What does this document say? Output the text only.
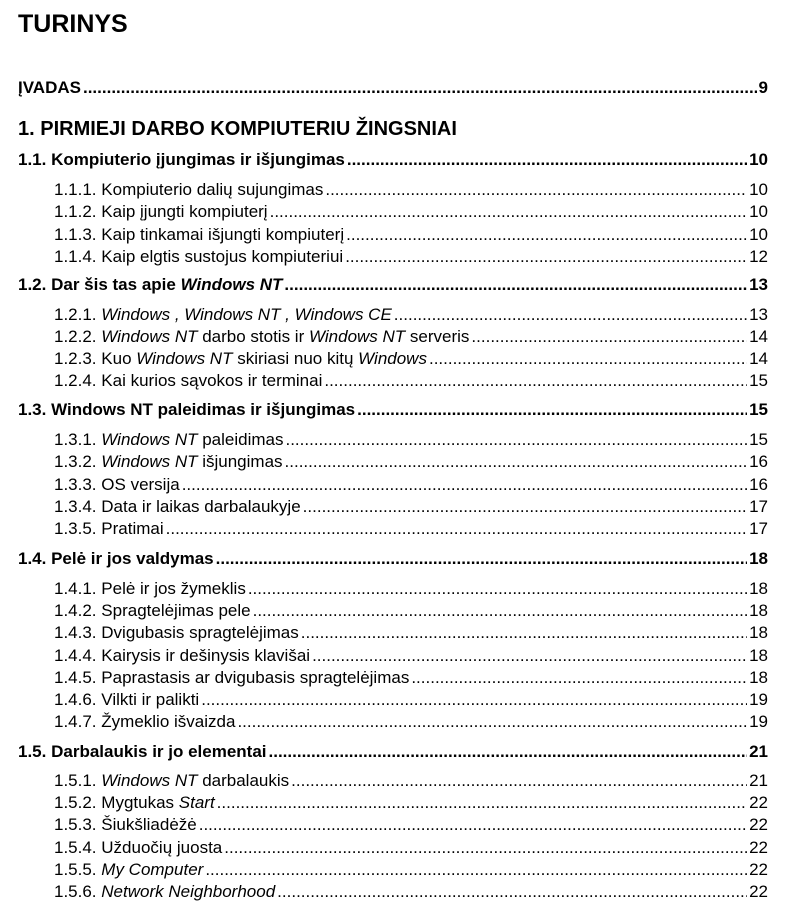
TURINYS
ĮVADAS .....	9
1. PIRMIEJI DARBO KOMPIUTERIU ŽINGSNIAI
1.1. Kompiuterio įjungimas ir išjungimas .....	10
1.1.1. Kompiuterio dalių sujungimas .....	10
1.1.2. Kaip įjungti kompiuterį .....	10
1.1.3. Kaip tinkamai išjungti kompiuterį .....	10
1.1.4. Kaip elgtis sustojus kompiuteriui .....	12
1.2. Dar šis tas apie Windows NT .....	13
1.2.1. Windows , Windows NT , Windows CE .....	13
1.2.2. Windows NT darbo stotis ir Windows NT serveris .....	14
1.2.3. Kuo Windows NT skiriasi nuo kitų Windows .....	14
1.2.4. Kai kurios sąvokos ir terminai .....	15
1.3. Windows NT paleidimas ir išjungimas .....	15
1.3.1. Windows NT paleidimas .....	15
1.3.2. Windows NT išjungimas .....	16
1.3.3. OS versija .....	16
1.3.4. Data ir laikas darbalaukyje .....	17
1.3.5. Pratimai .....	17
1.4. Pelė ir jos valdymas .....	18
1.4.1. Pelė ir jos žymeklis .....	18
1.4.2. Spragtelėjimas pele .....	18
1.4.3. Dvigubasis spragtelėjimas .....	18
1.4.4. Kairysis ir dešinysis klavišai .....	18
1.4.5. Paprastasis ar dvigubasis spragtelėjimas .....	18
1.4.6. Vilkti ir palikti .....	19
1.4.7. Žymeklio išvaizda .....	19
1.5. Darbalaukis ir jo elementai .....	21
1.5.1. Windows NT darbalaukis .....	21
1.5.2. Mygtukas Start .....	22
1.5.3. Šiukšliadėžė .....	22
1.5.4. Užduočių juosta .....	22
1.5.5. My Computer .....	22
1.5.6. Network Neighborhood .....	22
